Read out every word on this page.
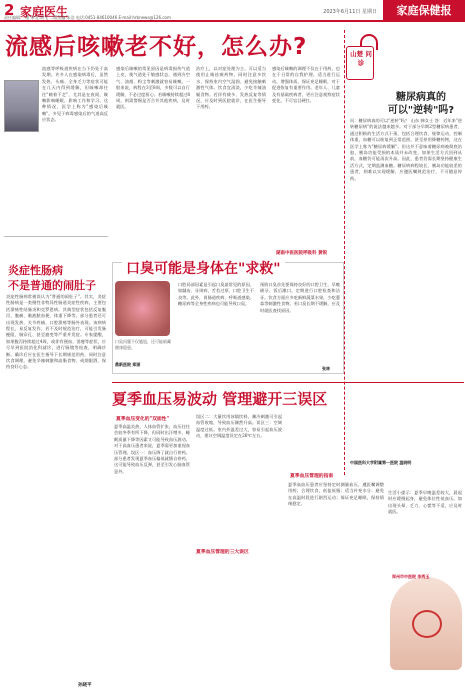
2 家庭医生
责任编辑:一墨 审发:胡飞 二版美编:朱浩 电话:0451-84610046 E-mail:hrbnews@126.com
2023年6月11日 星期日	家庭保健报
流感后咳嗽老不好，怎么办?
流感等呼吸道疾病在当下仍处于高发期。许多人在感染病毒后，虽然发热、头痛、全身乏力等症状可能在几天内得到缓解，但咳嗽却往往"赖着不走"，尤其是在夜间，咳嗽影响睡眠，影响工作和学习。这种情况，医学上称为"感染后咳嗽"，多见于病毒感染后的气道高反应状态。
感染后咳嗽的常见原因是病毒损伤气道上皮，使气道处于敏感状态，遇到冷空气、油烟、粉尘等刺激就容易咳嗽。一般来说，病程在3至8周，多数可以自行缓解，不必过度担心。若咳嗽持续超过8周，则需警惕是否合并其他疾病，及时就医。
治疗上，以对症处理为主。可以适当使用止咳祛痰药物，同时注意多饮水、保持室内空气湿润、避免接触刺激性气体。饮食宜清淡，少吃辛辣油腻食物。若伴有痰多、发热反复等情况，应及时到医院就诊，在医生指导下用药。
感染后咳嗽的调理不仅在于用药，也在于日常的自我护理。适当进行运动，增强体质，保证充足睡眠，对于促进恢复有重要作用。老年人、儿童及有基础疾病者，更应注意观察症状变化，不可盲目硬扛。
湖南中医医院呼吸科 黄锐
山楚 问诊
糖尿病真的
可以"逆转"吗?
问：糖尿病真的可以"逆转"吗？ 山东 韩女士 答：近年来"逆转糖尿病"的说法越来越多。对于部分早期2型糖尿病患者，通过积极的生活方式干预，包括合理饮食、规律运动、控制体重，血糖可以恢复到正常范围，甚至停用降糖药物，这在医学上称为"糖尿病缓解"。但这并不意味着糖尿病被彻底治愈，胰岛功能受损的本质并未改变，如果生活方式回到从前，血糖仍可能再次升高。因此，患者仍需长期坚持健康生活方式，定期监测血糖。糖尿病病程较长、胰岛功能较差的患者，则难以实现缓解，应遵医嘱规范治疗，不可随意停药。
中国医科大学附属第一医院 温晓明
炎症性肠病
不是普通的闹肚子
炎症性肠病常被误认为"普通的闹肚子"。其实，炎症性肠病是一类慢性非特异性肠道炎症性疾病，主要包括溃疡性结肠炎和克罗恩病。其典型症状包括反复腹泻、腹痛、黏液脓血便、体重下降等，部分患者还可出现发热、关节疼痛、口腔溃疡等肠外表现。该病病程长，易反复发作，若不及时规范治疗，可能引发肠梗阻、肠穿孔、甚至癌变等严重并发症。专家提醒，如果腹泻持续超过4周，或伴有便血、消瘦等症状，应尽早到医院消化科就诊，进行肠镜等检查，明确诊断。确诊后应在医生指导下长期规范用药，同时注意饮食调理，避免辛辣刺激和高脂食物，戒烟限酒，保持良好心态。
孙晓平
口臭可能是身体在"求救"
口臭问题不仅尴尬，还可能暗藏健康隐患。
口腔局部因素是引起口臭最常见的原因，如龋齿、牙周病、舌苔过厚、口腔卫生不良等。此外，胃肠道疾病、呼吸道感染、糖尿病等全身性疾病也可能导致口臭。
预防口臭首先要保持良好的口腔卫生，早晚刷牙、饭后漱口，定期进行口腔检查和洁牙。饮食方面应多吃新鲜蔬菜水果，少吃葱蒜等刺激性食物。若口臭长期不缓解，应及时就医查找原因。
鼎新医院 郑丽
张林
夏季血压易波动 管理避开三误区
夏季血压变化的"双面性"
夏季高温炎热，人体血管扩张，血压往往会较冬季有所下降，但同时出汗增多、睡眠质量下降等因素又可能导致血压波动。对于高血压患者来说，夏季需更加重视血压管理。误区一：血压降了就自行停药。部分患者发现夏季血压偏低就擅自停药，这可能导致血压反弹，甚至引发心脑血管意外。
夏季血压管理的三大误区
误区二：大量饮用冰镇饮料。骤冷刺激可引起血管收缩，导致血压骤然升高。误区三：空调温度过低。室内外温差过大，容易引起血压波动，建议空调温度设定在26℃左右。
夏季血压管理的指南
夏季高血压患者应坚持定时测量血压，遵医嘱调整用药；合理饮食，低盐低脂；适当补充水分；避免在高温时段进行剧烈运动；保证充足睡眠，保持情绪稳定。
生活小提示：夏季早晚温差较大，晨起时应缓慢起身，避免体位性低血压。如出现头晕、乏力、心慌等不适，应及时就医。
郑州市中医院 李秀玉
